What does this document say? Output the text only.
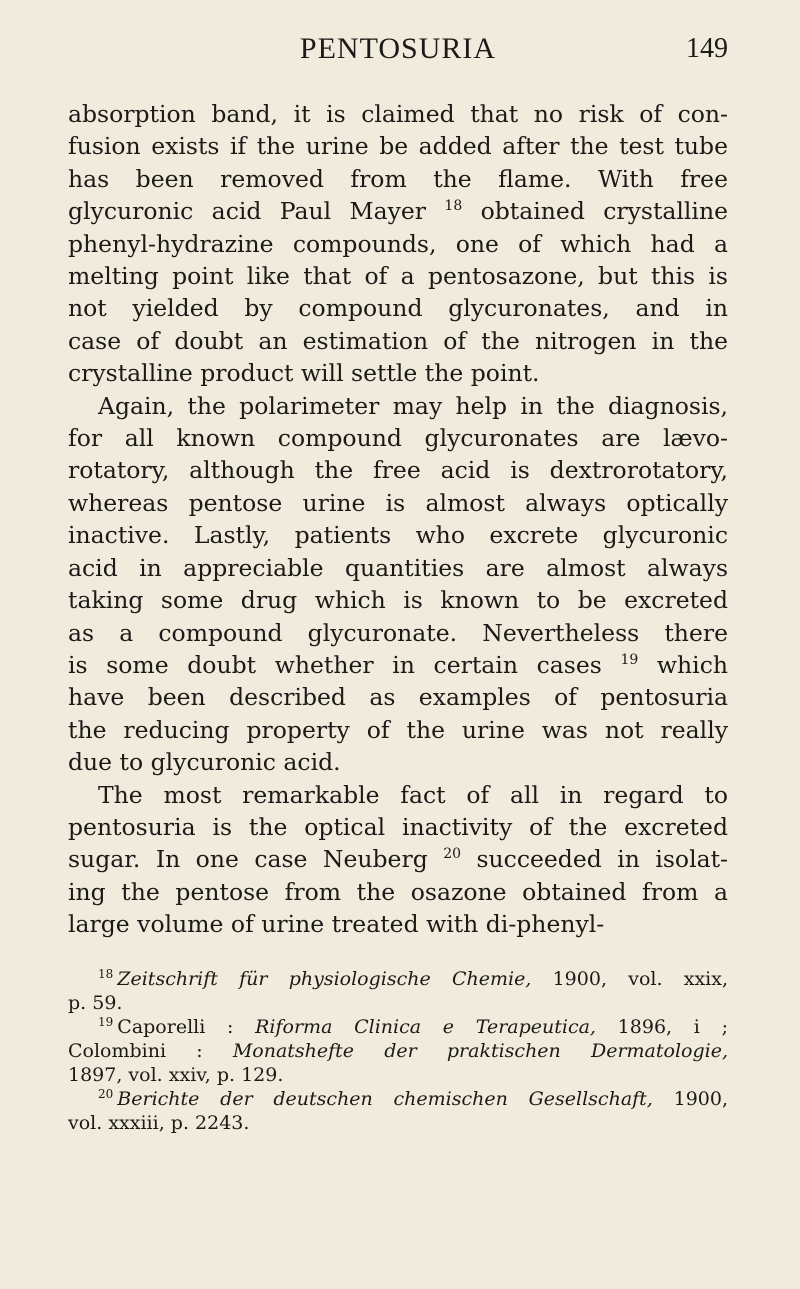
PENTOSURIA	149
absorption band, it is claimed that no risk of con-
fusion exists if the urine be added after the test tube
has been removed from the flame. With free
glycuronic acid Paul Mayer $^{18}$ obtained crystalline
phenyl-hydrazine compounds, one of which had a
melting point like that of a pentosazone, but this is
not yielded by compound glycuronates, and in
case of doubt an estimation of the nitrogen in the
crystalline product will settle the point.
Again, the polarimeter may help in the diagnosis,
for all known compound glycuronates are lævo-
rotatory, although the free acid is dextrorotatory,
whereas pentose urine is almost always optically
inactive. Lastly, patients who excrete glycuronic
acid in appreciable quantities are almost always
taking some drug which is known to be excreted
as a compound glycuronate. Nevertheless there
is some doubt whether in certain cases $^{19}$ which
have been described as examples of pentosuria
the reducing property of the urine was not really
due to glycuronic acid.
The most remarkable fact of all in regard to
pentosuria is the optical inactivity of the excreted
sugar. In one case Neuberg $^{20}$ succeeded in isolat-
ing the pentose from the osazone obtained from a
large volume of urine treated with di-phenyl-
$^{18}$ Zeitschrift für physiologische Chemie, 1900, vol. xxix,
p. 59.
$^{19}$ Caporelli : Riforma Clinica e Terapeutica, 1896, i ;
Colombini : Monatshefte der praktischen Dermatologie,
1897, vol. xxiv, p. 129.
$^{20}$ Berichte der deutschen chemischen Gesellschaft, 1900,
vol. xxxiii, p. 2243.
